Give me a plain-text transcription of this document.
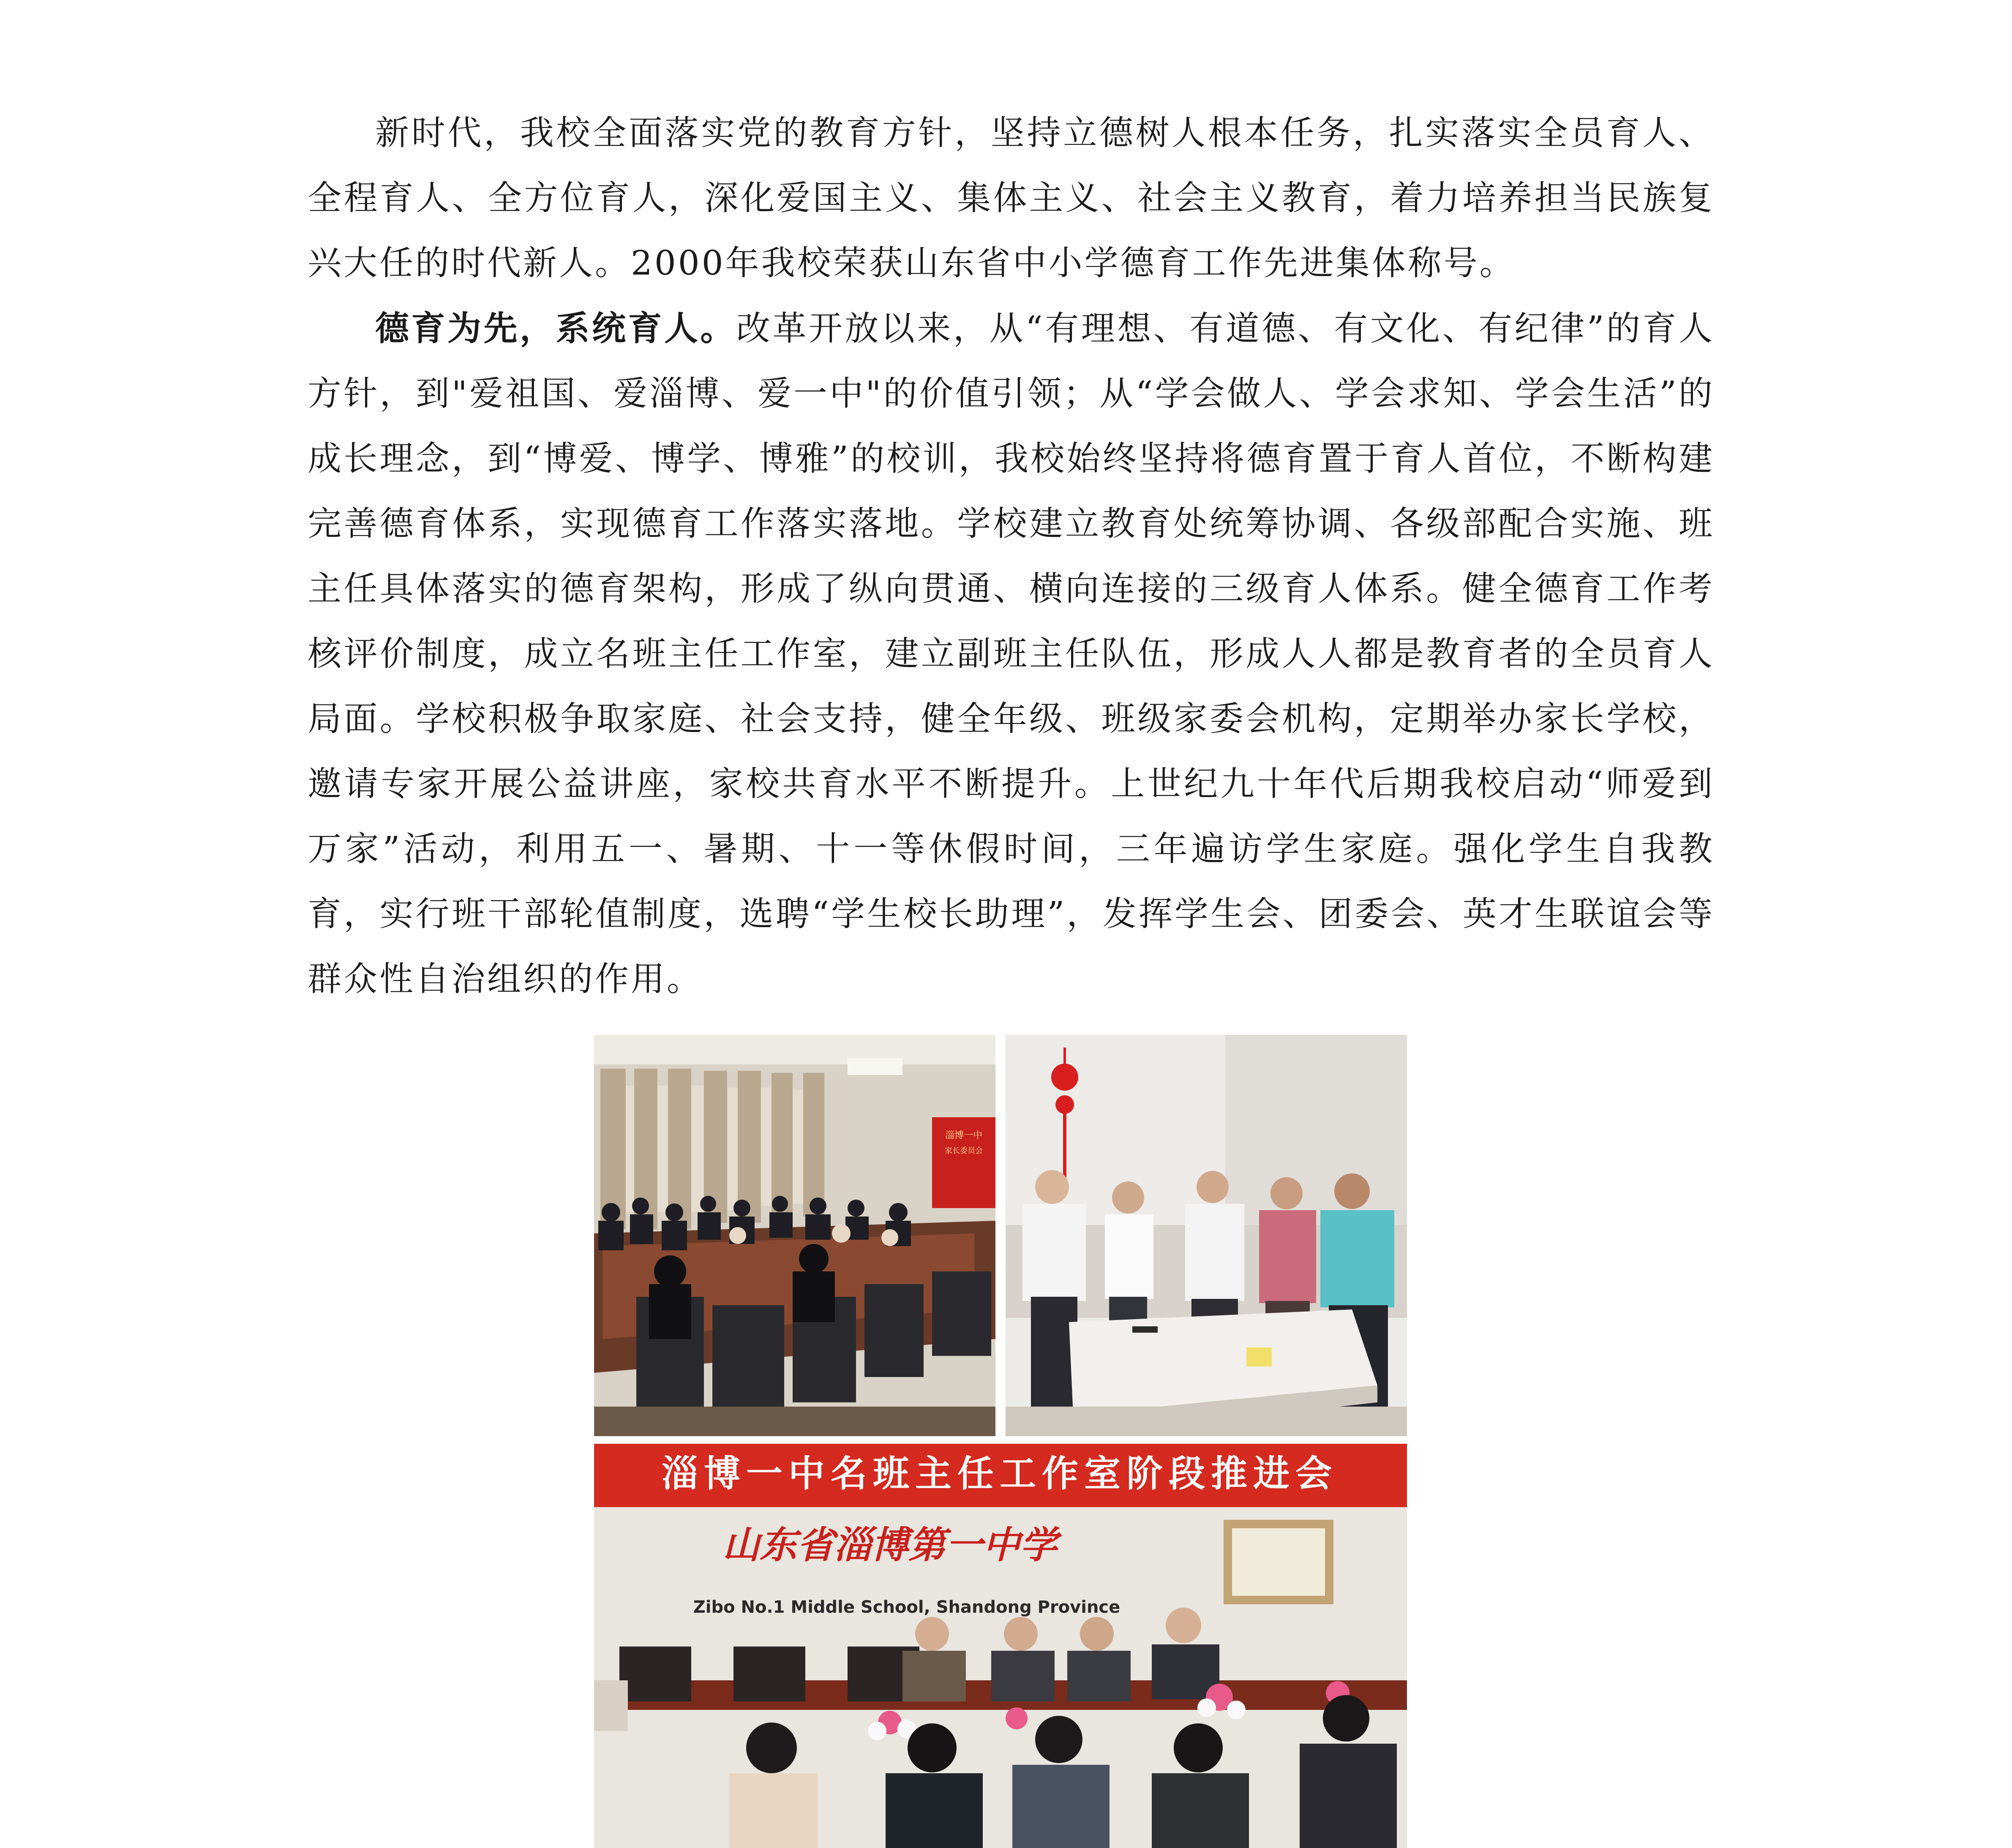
新时代，我校全面落实党的教育方针，坚持立德树人根本任务，扎实落实全员育人、全程育人、全方位育人，深化爱国主义、集体主义、社会主义教育，着力培养担当民族复兴大任的时代新人。2000年我校荣获山东省中小学德育工作先进集体称号。

德育为先，系统育人。改革开放以来，从“有理想、有道德、有文化、有纪律”的育人方针，到"爱祖国、爱淄博、爱一中"的价值引领；从“学会做人、学会求知、学会生活”的成长理念，到“博爱、博学、博雅”的校训，我校始终坚持将德育置于育人首位，不断构建完善德育体系，实现德育工作落实落地。学校建立教育处统筹协调、各级部配合实施、班主任具体落实的德育架构，形成了纵向贯通、横向连接的三级育人体系。健全德育工作考核评价制度，成立名班主任工作室，建立副班主任队伍，形成人人都是教育者的全员育人局面。学校积极争取家庭、社会支持，健全年级、班级家委会机构，定期举办家长学校，邀请专家开展公益讲座，家校共育水平不断提升。上世纪九十年代后期我校启动“师爱到万家”活动，利用五一、暑期、十一等休假时间，三年遍访学生家庭。强化学生自我教育，实行班干部轮值制度，选聘“学生校长助理”，发挥学生会、团委会、英才生联谊会等群众性自治组织的作用。

淄博一中
家长委员会
淄博一中名班主任工作室阶段推进会
山东省淄博第一中学
Zibo No.1 Middle School, Shandong Province
